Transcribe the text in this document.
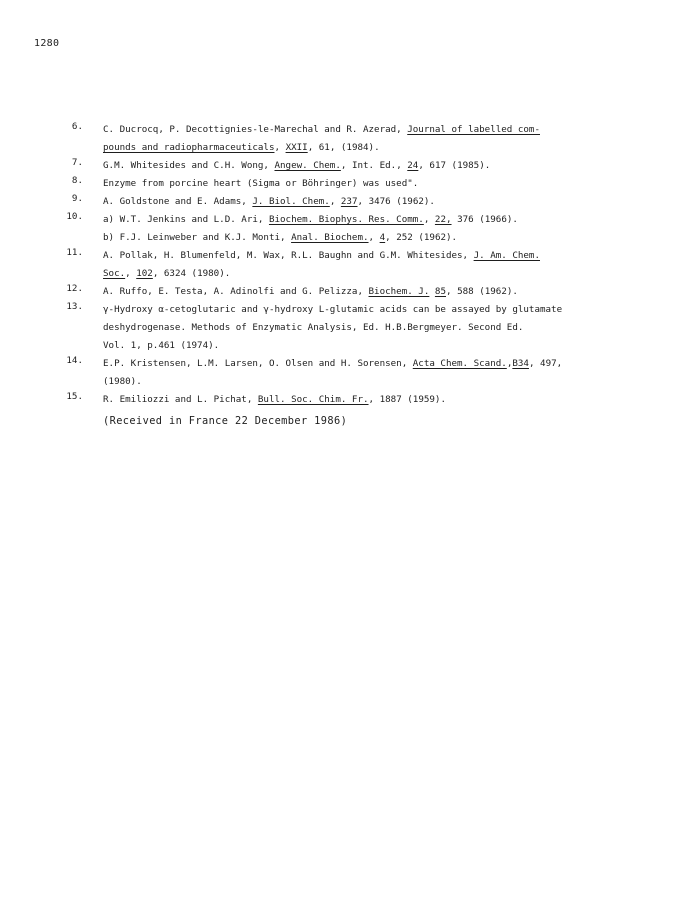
1280
6. C. Ducrocq, P. Decottignies-le-Marechal and R. Azerad, Journal of labelled com-
pounds and radiopharmaceuticals, XXII, 61, (1984).
7. G.M. Whitesides and C.H. Wong, Angew. Chem., Int. Ed., 24, 617 (1985).
8. Enzyme from porcine heart (Sigma or Böhringer) was used".
9. A. Goldstone and E. Adams, J. Biol. Chem., 237, 3476 (1962).
10. a) W.T. Jenkins and L.D. Ari, Biochem. Biophys. Res. Comm., 22, 376 (1966).
b) F.J. Leinweber and K.J. Monti, Anal. Biochem., 4, 252 (1962).
11. A. Pollak, H. Blumenfeld, M. Wax, R.L. Baughn and G.M. Whitesides, J. Am. Chem.
Soc., 102, 6324 (1980).
12. A. Ruffo, E. Testa, A. Adinolfi and G. Pelizza, Biochem. J. 85, 588 (1962).
13. γ-Hydroxy α-cetoglutaric and γ-hydroxy L-glutamic acids can be assayed by glutamate
deshydrogenase. Methods of Enzymatic Analysis, Ed. H.B.Bergmeyer. Second Ed.
Vol. 1, p.461 (1974).
14. E.P. Kristensen, L.M. Larsen, O. Olsen and H. Sorensen, Acta Chem. Scand.,B34, 497,
(1980).
15. R. Emiliozzi and L. Pichat, Bull. Soc. Chim. Fr., 1887 (1959).
(Received in France 22 December 1986)
